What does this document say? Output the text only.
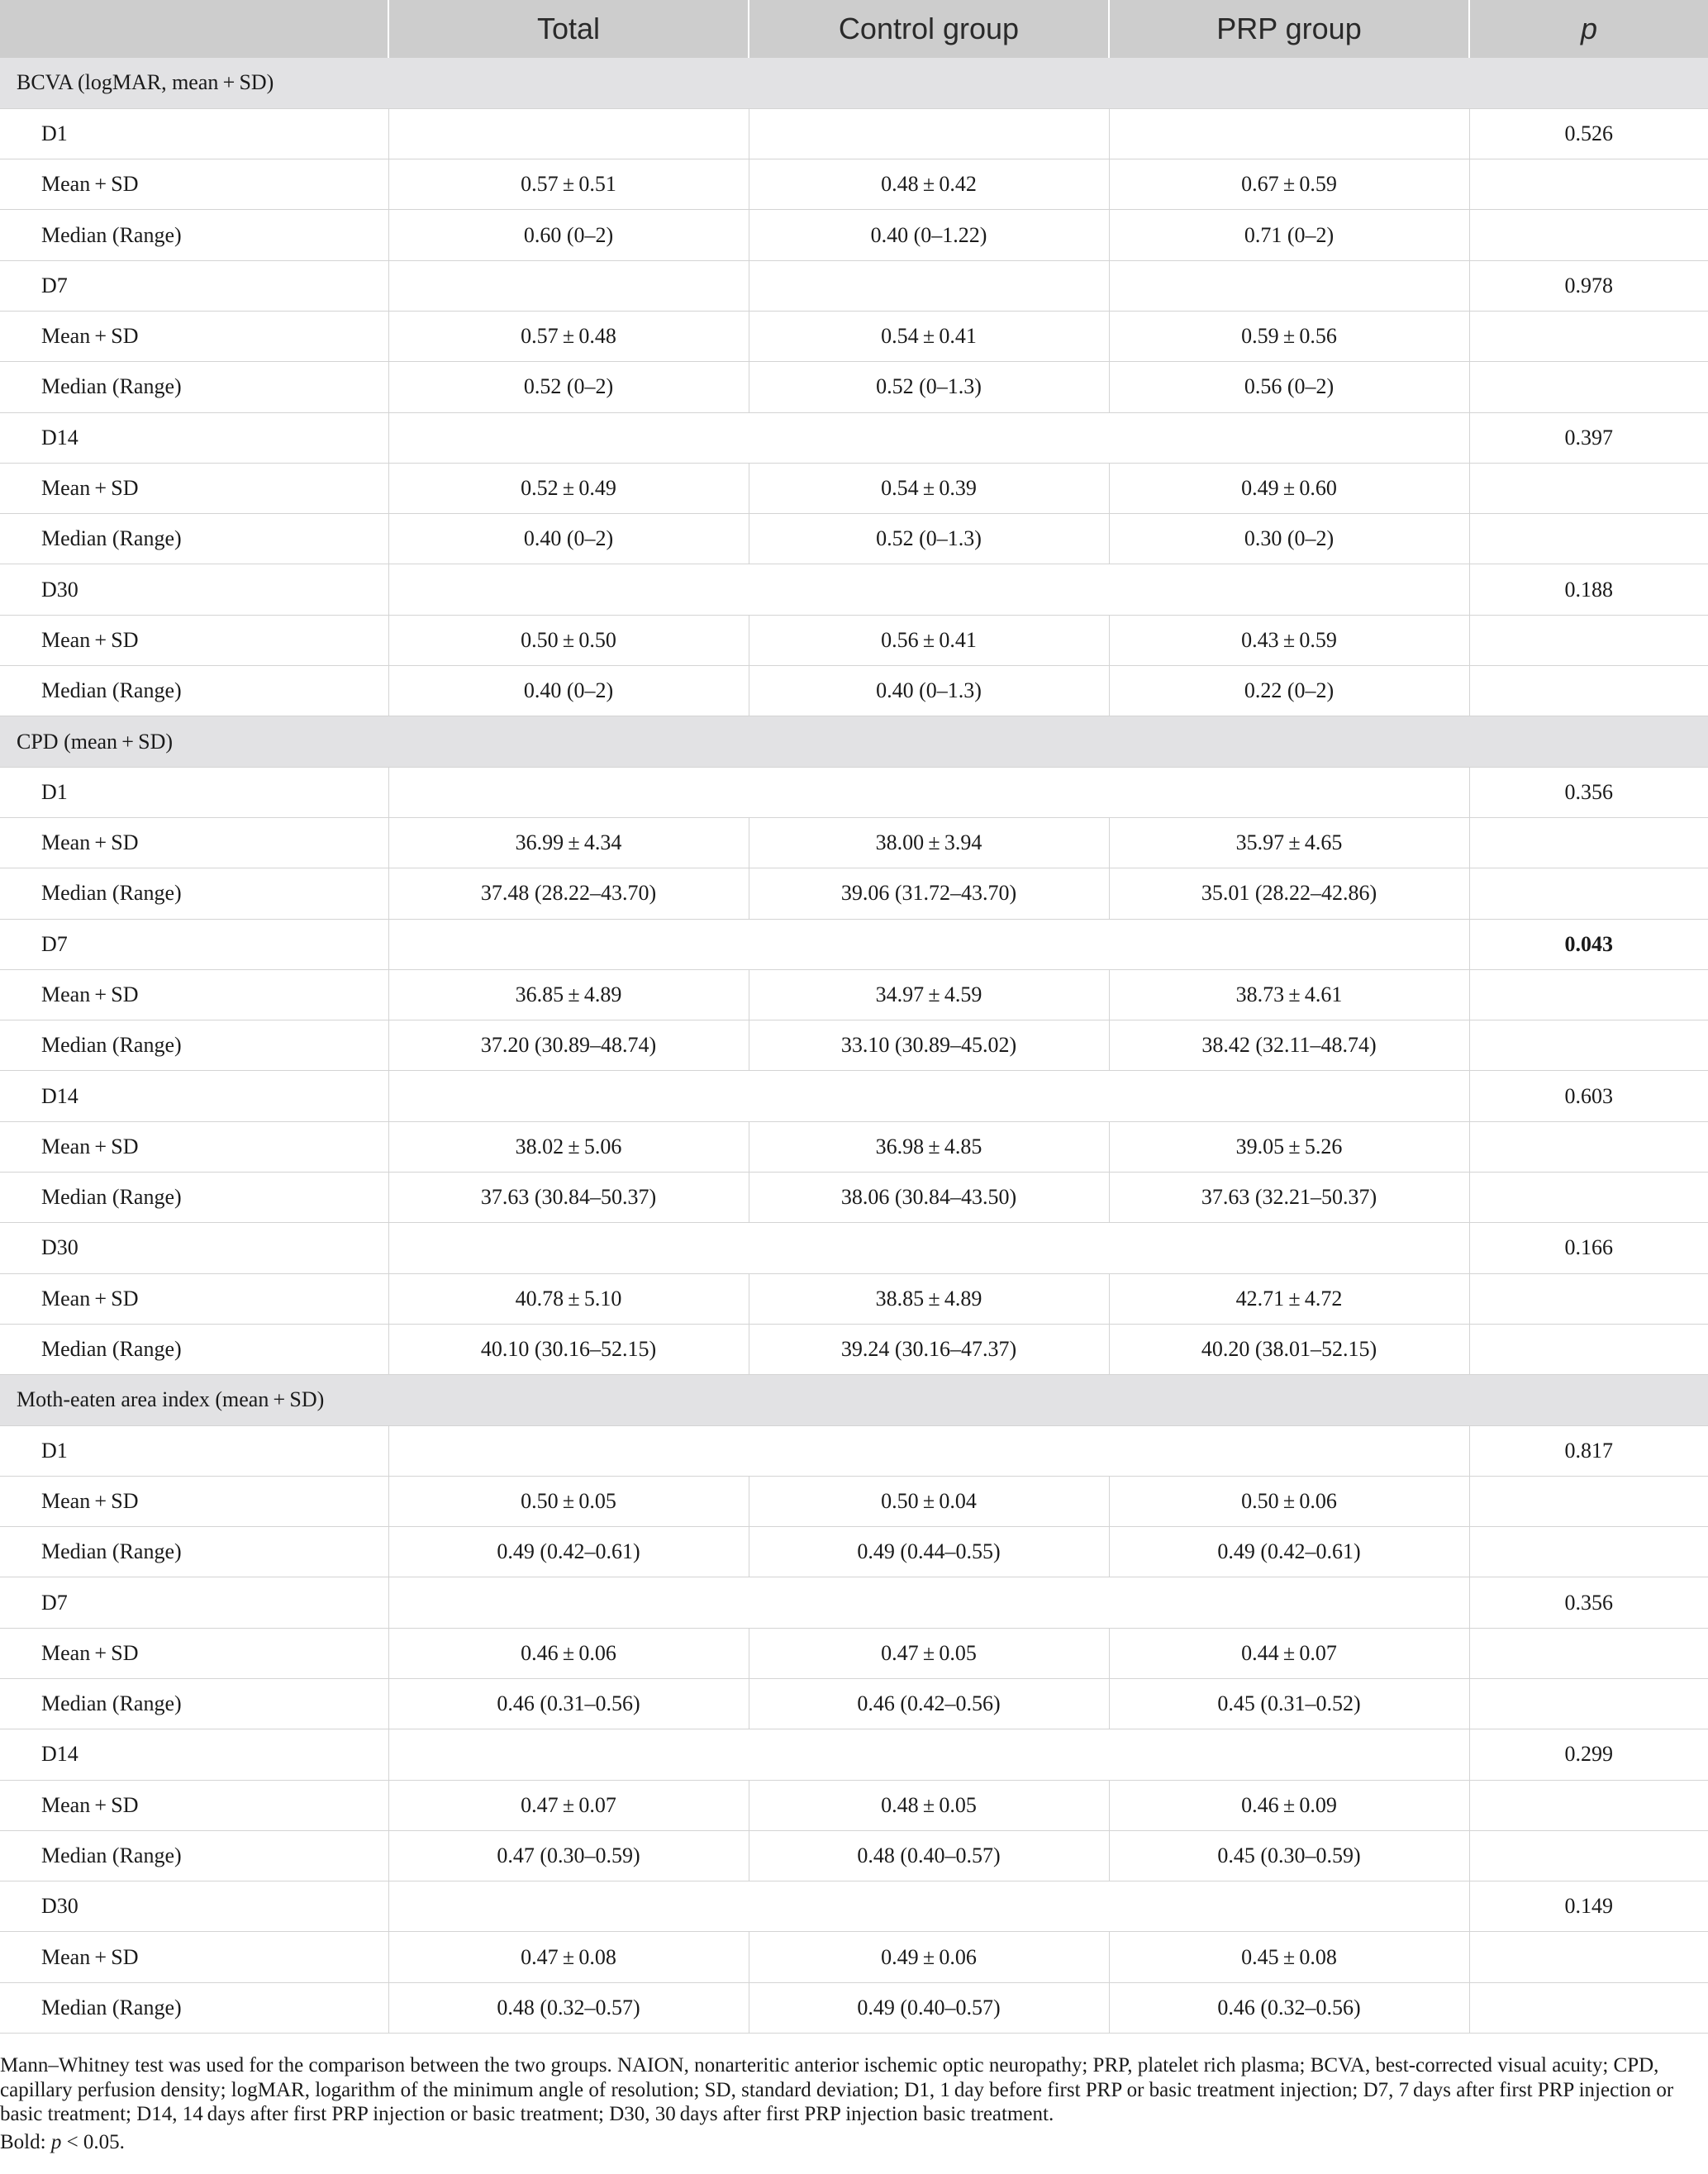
	Total	Control group	PRP group	p
BCVA (logMAR, mean + SD)				
D1				0.526
Mean + SD	0.57 ± 0.51	0.48 ± 0.42	0.67 ± 0.59	
Median (Range)	0.60 (0–2)	0.40 (0–1.22)	0.71 (0–2)	
D7				0.978
Mean + SD	0.57 ± 0.48	0.54 ± 0.41	0.59 ± 0.56	
Median (Range)	0.52 (0–2)	0.52 (0–1.3)	0.56 (0–2)	
D14				0.397
Mean + SD	0.52 ± 0.49	0.54 ± 0.39	0.49 ± 0.60	
Median (Range)	0.40 (0–2)	0.52 (0–1.3)	0.30 (0–2)	
D30				0.188
Mean + SD	0.50 ± 0.50	0.56 ± 0.41	0.43 ± 0.59	
Median (Range)	0.40 (0–2)	0.40 (0–1.3)	0.22 (0–2)	
CPD (mean + SD)				
D1				0.356
Mean + SD	36.99 ± 4.34	38.00 ± 3.94	35.97 ± 4.65	
Median (Range)	37.48 (28.22–43.70)	39.06 (31.72–43.70)	35.01 (28.22–42.86)	
D7				0.043
Mean + SD	36.85 ± 4.89	34.97 ± 4.59	38.73 ± 4.61	
Median (Range)	37.20 (30.89–48.74)	33.10 (30.89–45.02)	38.42 (32.11–48.74)	
D14				0.603
Mean + SD	38.02 ± 5.06	36.98 ± 4.85	39.05 ± 5.26	
Median (Range)	37.63 (30.84–50.37)	38.06 (30.84–43.50)	37.63 (32.21–50.37)	
D30				0.166
Mean + SD	40.78 ± 5.10	38.85 ± 4.89	42.71 ± 4.72	
Median (Range)	40.10 (30.16–52.15)	39.24 (30.16–47.37)	40.20 (38.01–52.15)	
Moth-eaten area index (mean + SD)				
D1				0.817
Mean + SD	0.50 ± 0.05	0.50 ± 0.04	0.50 ± 0.06	
Median (Range)	0.49 (0.42–0.61)	0.49 (0.44–0.55)	0.49 (0.42–0.61)	
D7				0.356
Mean + SD	0.46 ± 0.06	0.47 ± 0.05	0.44 ± 0.07	
Median (Range)	0.46 (0.31–0.56)	0.46 (0.42–0.56)	0.45 (0.31–0.52)	
D14				0.299
Mean + SD	0.47 ± 0.07	0.48 ± 0.05	0.46 ± 0.09	
Median (Range)	0.47 (0.30–0.59)	0.48 (0.40–0.57)	0.45 (0.30–0.59)	
D30				0.149
Mean + SD	0.47 ± 0.08	0.49 ± 0.06	0.45 ± 0.08	
Median (Range)	0.48 (0.32–0.57)	0.49 (0.40–0.57)	0.46 (0.32–0.56)	

Mann–Whitney test was used for the comparison between the two groups. NAION, nonarteritic anterior ischemic optic neuropathy; PRP, platelet rich plasma; BCVA, best-corrected visual acuity; CPD, capillary perfusion density; logMAR, logarithm of the minimum angle of resolution; SD, standard deviation; D1, 1 day before first PRP or basic treatment injection; D7, 7 days after first PRP injection or basic treatment; D14, 14 days after first PRP injection or basic treatment; D30, 30 days after first PRP injection basic treatment.

Bold: p < 0.05.
